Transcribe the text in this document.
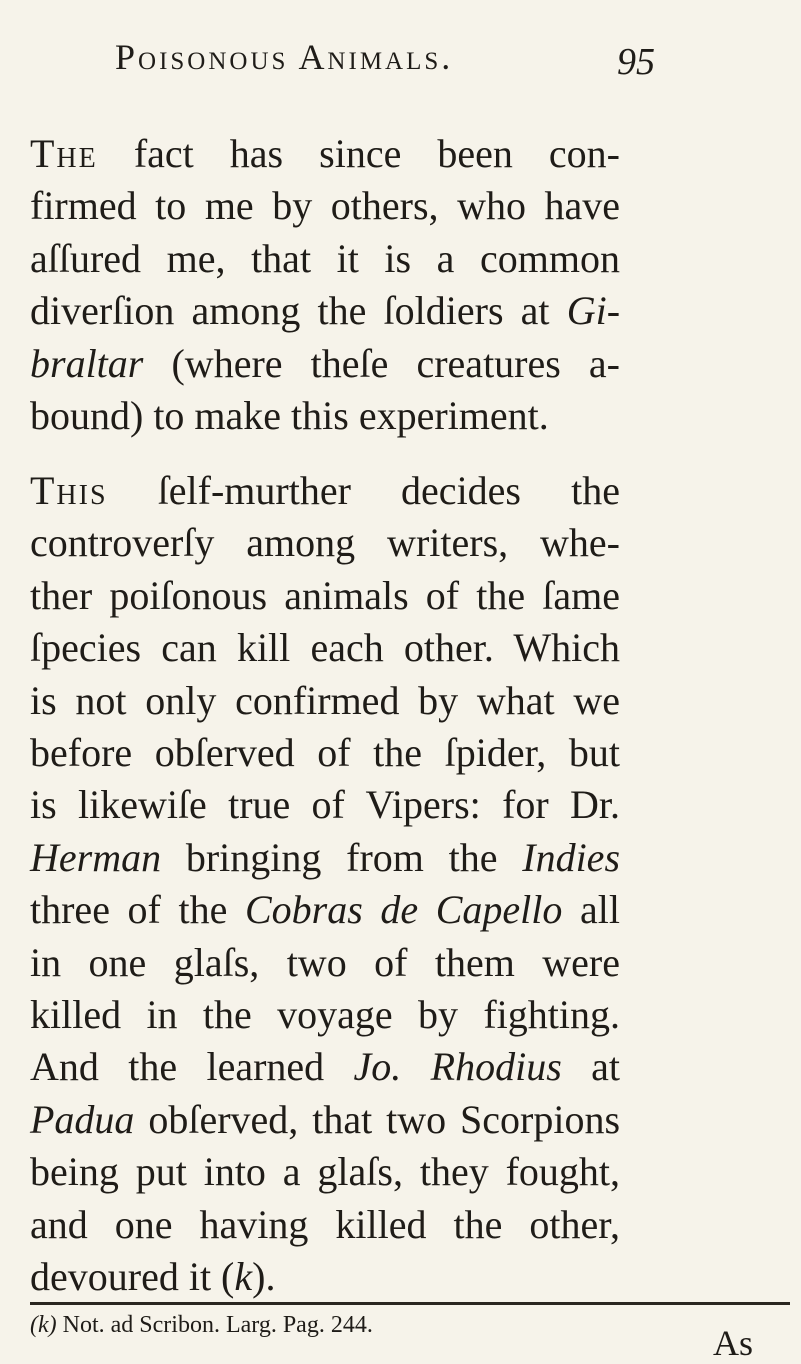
Poisonous Animals.	95
The fact has since been con-
firmed to me by others, who have
aſſured me, that it is a common
diverſion among the ſoldiers at Gi-
braltar (where theſe creatures a-
bound) to make this experiment.
This ſelf-murther decides the
controverſy among writers, whe-
ther poiſonous animals of the ſame
ſpecies can kill each other. Which
is not only confirmed by what we
before obſerved of the ſpider, but
is likewiſe true of Vipers: for Dr.
Herman bringing from the Indies
three of the Cobras de Capello all
in one glaſs, two of them were
killed in the voyage by fighting.
And the learned Jo. Rhodius at
Padua obſerved, that two Scorpions
being put into a glaſs, they fought,
and one having killed the other,
devoured it (k).
(k) Not. ad Scribon. Larg. Pag. 244.	As
